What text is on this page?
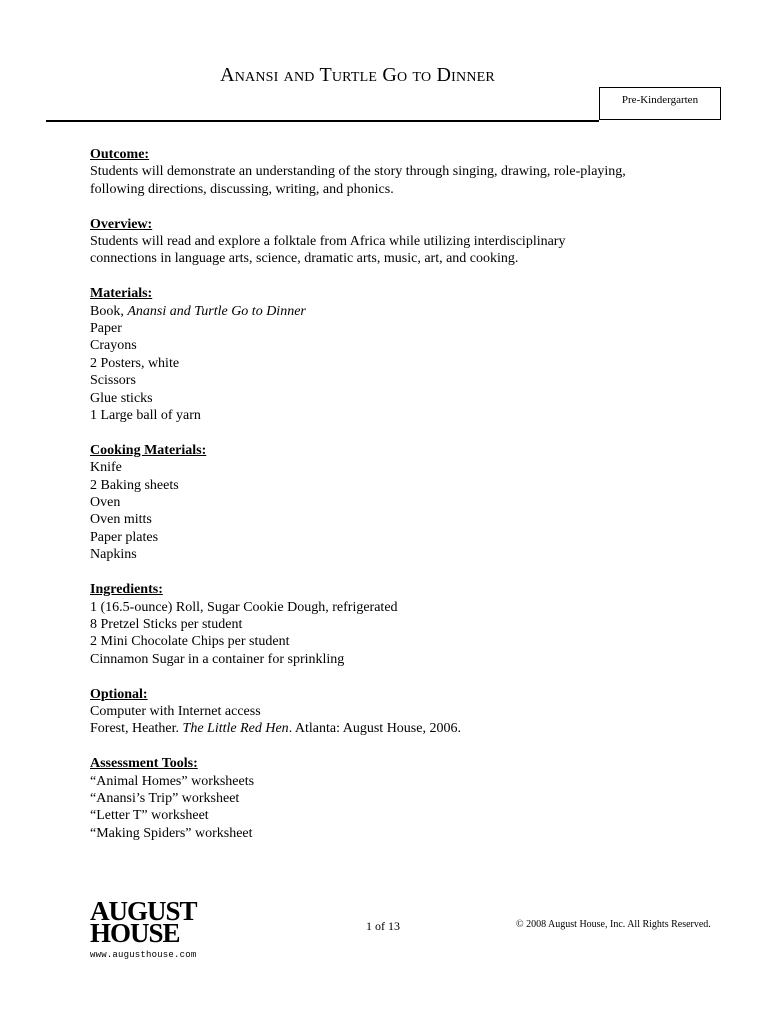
Anansi and Turtle Go to Dinner
Pre-Kindergarten
Outcome:
Students will demonstrate an understanding of the story through singing, drawing, role-playing,
following directions, discussing, writing, and phonics.
Overview:
Students will read and explore a folktale from Africa while utilizing interdisciplinary
connections in language arts, science, dramatic arts, music, art, and cooking.
Materials:
Book, Anansi and Turtle Go to Dinner
Paper
Crayons
2 Posters, white
Scissors
Glue sticks
1 Large ball of yarn
Cooking Materials:
Knife
2 Baking sheets
Oven
Oven mitts
Paper plates
Napkins
Ingredients:
1 (16.5-ounce) Roll, Sugar Cookie Dough, refrigerated
8 Pretzel Sticks per student
2 Mini Chocolate Chips per student
Cinnamon Sugar in a container for sprinkling
Optional:
Computer with Internet access
Forest, Heather. The Little Red Hen. Atlanta: August House, 2006.
Assessment Tools:
“Animal Homes” worksheets
“Anansi’s Trip” worksheet
“Letter T” worksheet
“Making Spiders” worksheet
AUGUST
HOUSE
www.augusthouse.com
1 of 13	© 2008 August House, Inc. All Rights Reserved.
